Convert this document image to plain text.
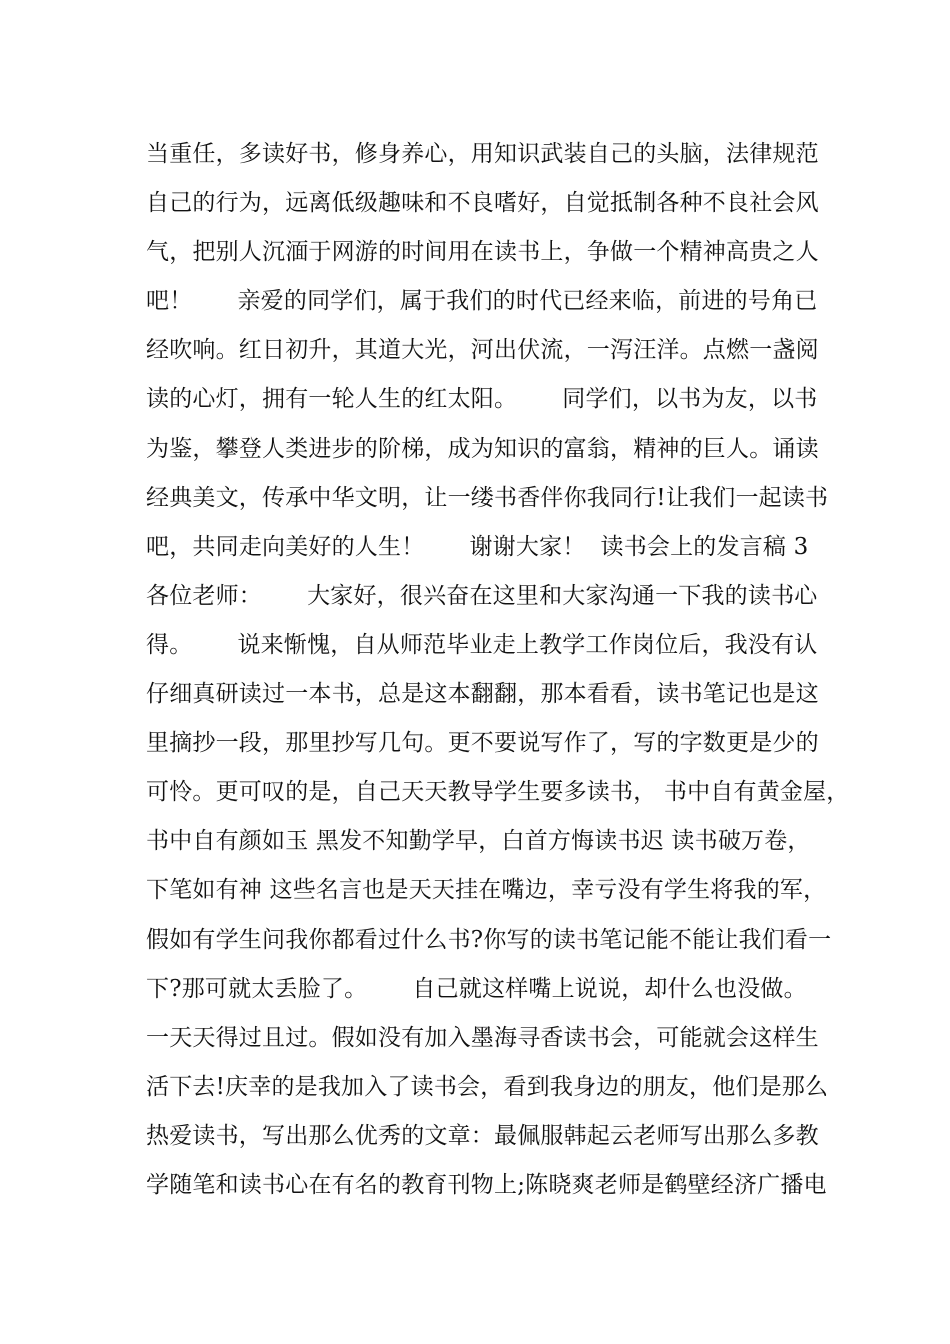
当重任，多读好书，修身养心，用知识武装自己的头脑，法律规范
自己的行为，远离低级趣味和不良嗜好，自觉抵制各种不良社会风
气，把别人沉湎于网游的时间用在读书上，争做一个精神高贵之人
吧！      亲爱的同学们，属于我们的时代已经来临，前进的号角已
经吹响。红日初升，其道大光，河出伏流，一泻汪洋。点燃一盏阅
读的心灯，拥有一轮人生的红太阳。      同学们，以书为友，以书
为鉴，攀登人类进步的阶梯，成为知识的富翁，精神的巨人。诵读
经典美文，传承中华文明，让一缕书香伴你我同行!让我们一起读书
吧，共同走向美好的人生！      谢谢大家！  读书会上的发言稿 3
各位老师：      大家好，很兴奋在这里和大家沟通一下我的读书心
得。      说来惭愧，自从师范毕业走上教学工作岗位后，我没有认
仔细真研读过一本书，总是这本翻翻，那本看看，读书笔记也是这
里摘抄一段，那里抄写几句。更不要说写作了，写的字数更是少的
可怜。更可叹的是，自己天天教导学生要多读书， 书中自有黄金屋，
书中自有颜如玉 黑发不知勤学早，白首方悔读书迟 读书破万卷，
下笔如有神 这些名言也是天天挂在嘴边，幸亏没有学生将我的军，
假如有学生问我你都看过什么书?你写的读书笔记能不能让我们看一
下?那可就太丢脸了。      自己就这样嘴上说说，却什么也没做。
一天天得过且过。假如没有加入墨海寻香读书会，可能就会这样生
活下去!庆幸的是我加入了读书会，看到我身边的朋友，他们是那么
热爱读书，写出那么优秀的文章：最佩服韩起云老师写出那么多教
学随笔和读书心在有名的教育刊物上;陈晓爽老师是鹤壁经济广播电
